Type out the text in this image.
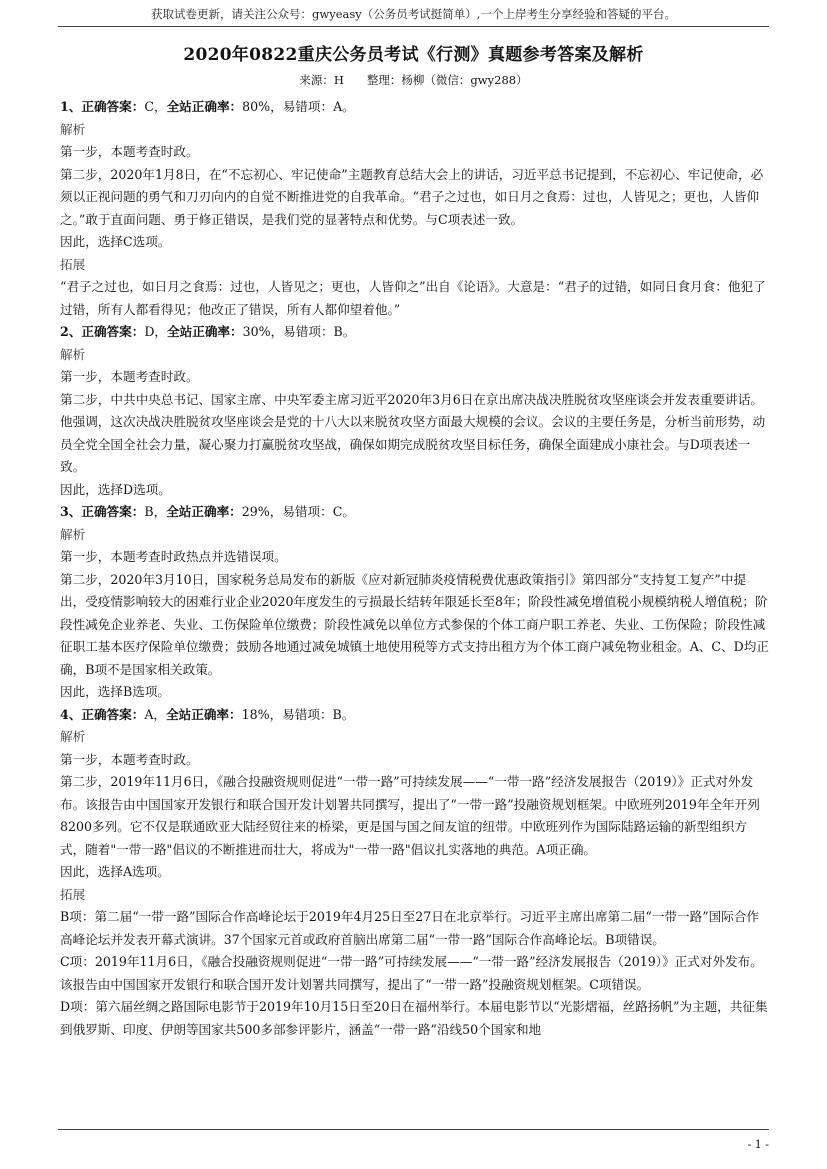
获取试卷更新，请关注公众号：gwyeasy（公务员考试挺简单）,一个上岸考生分享经验和答疑的平台。
2020年0822重庆公务员考试《行测》真题参考答案及解析
来源：H　　整理：杨柳（微信：gwy288）

1、正确答案：C，全站正确率：80%，易错项：A。

解析

第一步，本题考查时政。

第二步，2020年1月8日，在“不忘初心、牢记使命”主题教育总结大会上的讲话，习近平总书记提到，不忘初心、牢记使命，必须以正视问题的勇气和刀刃向内的自觉不断推进党的自我革命。“君子之过也，如日月之食焉：过也，人皆见之；更也，人皆仰之。”敢于直面问题、勇于修正错误，是我们党的显著特点和优势。与C项表述一致。

因此，选择C选项。

拓展

“君子之过也，如日月之食焉：过也，人皆见之；更也，人皆仰之”出自《论语》。大意是：“君子的过错，如同日食月食：他犯了过错，所有人都看得见；他改正了错误，所有人都仰望着他。”

2、正确答案：D，全站正确率：30%，易错项：B。

解析

第一步，本题考查时政。

第二步，中共中央总书记、国家主席、中央军委主席习近平2020年3月6日在京出席决战决胜脱贫攻坚座谈会并发表重要讲话。他强调，这次决战决胜脱贫攻坚座谈会是党的十八大以来脱贫攻坚方面最大规模的会议。会议的主要任务是，分析当前形势，动员全党全国全社会力量，凝心聚力打赢脱贫攻坚战，确保如期完成脱贫攻坚目标任务，确保全面建成小康社会。与D项表述一致。

因此，选择D选项。

3、正确答案：B，全站正确率：29%，易错项：C。

解析

第一步，本题考查时政热点并选错误项。

第二步，2020年3月10日，国家税务总局发布的新版《应对新冠肺炎疫情税费优惠政策指引》第四部分“支持复工复产”中提出，受疫情影响较大的困难行业企业2020年度发生的亏损最长结转年限延长至8年；阶段性减免增值税小规模纳税人增值税；阶段性减免企业养老、失业、工伤保险单位缴费；阶段性减免以单位方式参保的个体工商户职工养老、失业、工伤保险；阶段性减征职工基本医疗保险单位缴费；鼓励各地通过减免城镇土地使用税等方式支持出租方为个体工商户减免物业租金。A、C、D均正确，B项不是国家相关政策。

因此，选择B选项。

4、正确答案：A，全站正确率：18%，易错项：B。

解析

第一步，本题考查时政。

第二步，2019年11月6日，《融合投融资规则促进“一带一路”可持续发展——“一带一路”经济发展报告（2019）》正式对外发布。该报告由中国国家开发银行和联合国开发计划署共同撰写，提出了“一带一路”投融资规划框架。中欧班列2019年全年开列8200多列。它不仅是联通欧亚大陆经贸往来的桥梁，更是国与国之间友谊的纽带。中欧班列作为国际陆路运输的新型组织方式，随着"一带一路"倡议的不断推进而壮大，将成为"一带一路"倡议扎实落地的典范。A项正确。

因此，选择A选项。

拓展

B项：第二届“一带一路”国际合作高峰论坛于2019年4月25日至27日在北京举行。习近平主席出席第二届“一带一路”国际合作高峰论坛并发表开幕式演讲。37个国家元首或政府首脑出席第二届“一带一路”国际合作高峰论坛。B项错误。

C项：2019年11月6日，《融合投融资规则促进“一带一路”可持续发展——“一带一路”经济发展报告（2019）》正式对外发布。该报告由中国国家开发银行和联合国开发计划署共同撰写，提出了“一带一路”投融资规划框架。C项错误。

D项：第六届丝绸之路国际电影节于2019年10月15日至20日在福州举行。本届电影节以“光影熠福，丝路扬帆”为主题，共征集到俄罗斯、印度、伊朗等国家共500多部参评影片，涵盖“一带一路”沿线50个国家和地

- 1 -
